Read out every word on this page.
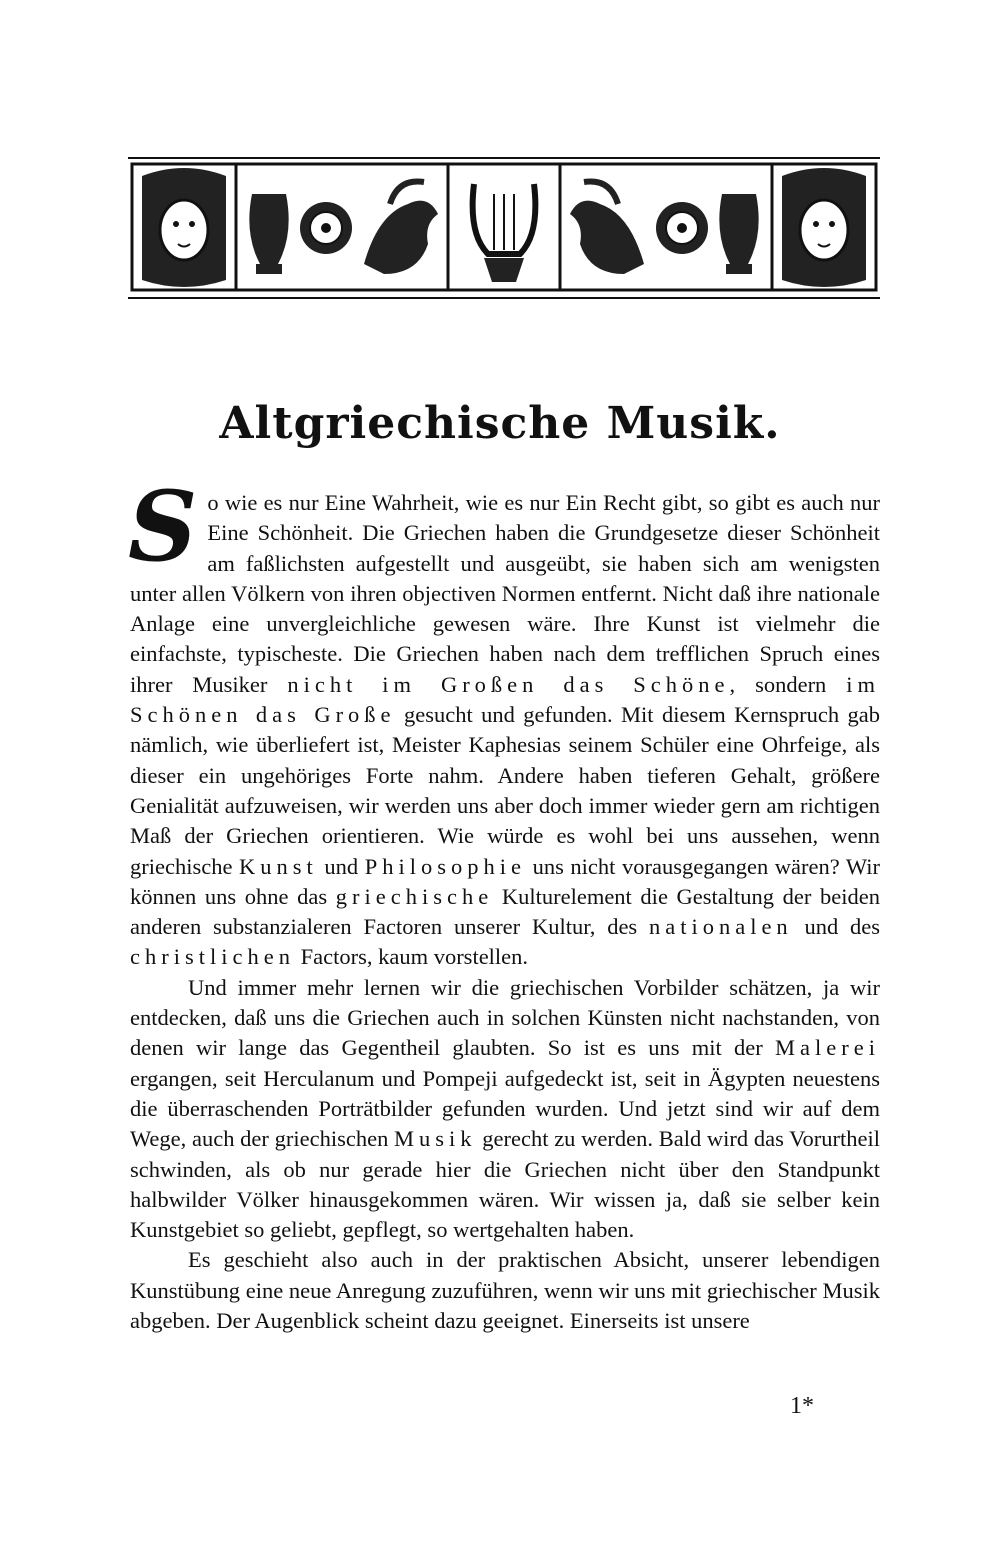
Altgriechische Musik.

So wie es nur Eine Wahrheit, wie es nur Ein Recht gibt, so gibt es auch nur Eine Schönheit. Die Griechen haben die Grundgesetze dieser Schönheit am faßlichsten aufgestellt und ausgeübt, sie haben sich am wenigsten unter allen Völkern von ihren objectiven Normen entfernt. Nicht daß ihre nationale Anlage eine unvergleichliche gewesen wäre. Ihre Kunst ist vielmehr die einfachste, typischeste. Die Griechen haben nach dem trefflichen Spruch eines ihrer Musiker nicht im Großen das Schöne, sondern im Schönen das Große gesucht und gefunden. Mit diesem Kernspruch gab nämlich, wie überliefert ist, Meister Kaphesias seinem Schüler eine Ohrfeige, als dieser ein ungehöriges Forte nahm. Andere haben tieferen Gehalt, größere Genialität aufzuweisen, wir werden uns aber doch immer wieder gern am richtigen Maß der Griechen orientieren. Wie würde es wohl bei uns aussehen, wenn griechische Kunst und Philosophie uns nicht vorausgegangen wären? Wir können uns ohne das griechische Kulturelement die Gestaltung der beiden anderen substanzialeren Factoren unserer Kultur, des nationalen und des christlichen Factors, kaum vorstellen.

Und immer mehr lernen wir die griechischen Vorbilder schätzen, ja wir entdecken, daß uns die Griechen auch in solchen Künsten nicht nachstanden, von denen wir lange das Gegentheil glaubten. So ist es uns mit der Malerei ergangen, seit Herculanum und Pompeji aufgedeckt ist, seit in Ägypten neuestens die überraschenden Porträtbilder gefunden wurden. Und jetzt sind wir auf dem Wege, auch der griechischen Musik gerecht zu werden. Bald wird das Vorurtheil schwinden, als ob nur gerade hier die Griechen nicht über den Standpunkt halbwilder Völker hinausgekommen wären. Wir wissen ja, daß sie selber kein Kunstgebiet so geliebt, gepflegt, so wertgehalten haben.

Es geschieht also auch in der praktischen Absicht, unserer lebendigen Kunstübung eine neue Anregung zuzuführen, wenn wir uns mit griechischer Musik abgeben. Der Augenblick scheint dazu geeignet. Einerseits ist unsere

1*
